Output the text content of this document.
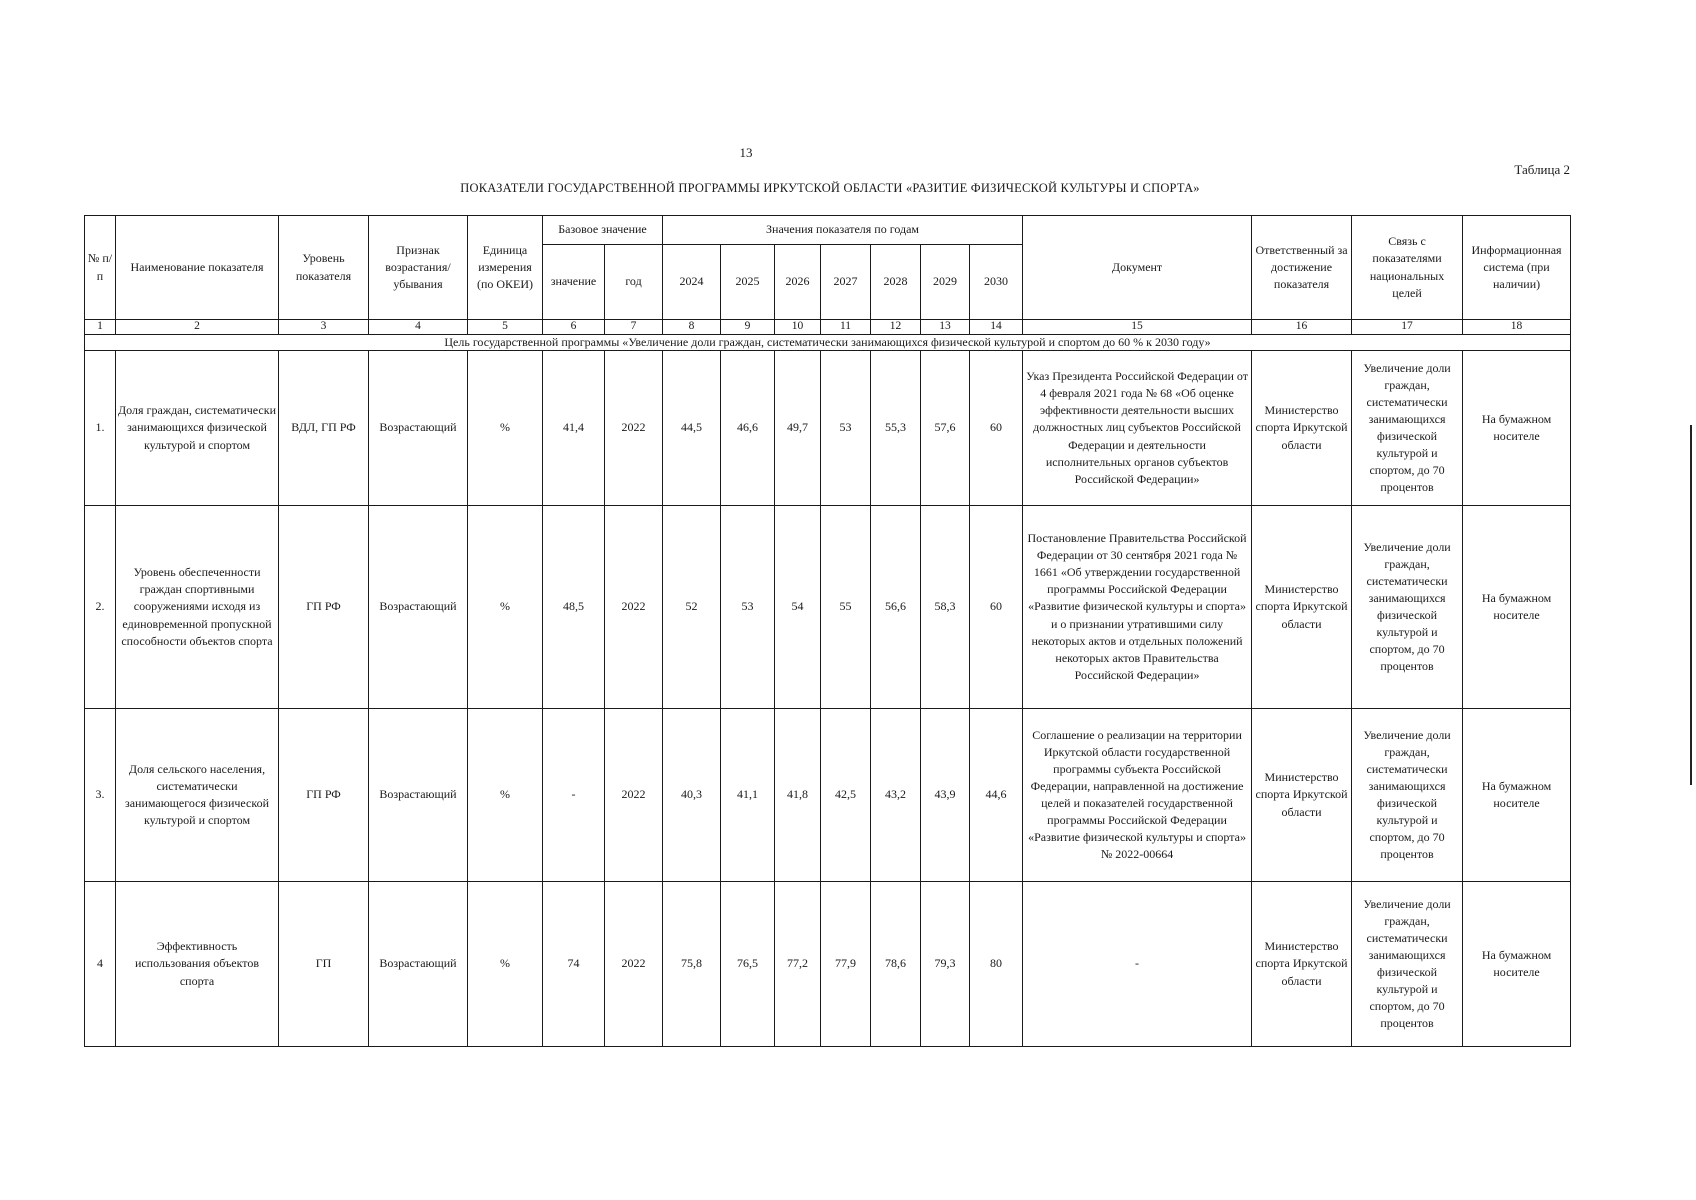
13
Таблица 2
ПОКАЗАТЕЛИ ГОСУДАРСТВЕННОЙ ПРОГРАММЫ ИРКУТСКОЙ ОБЛАСТИ «РАЗИТИЕ ФИЗИЧЕСКОЙ КУЛЬТУРЫ И СПОРТА»
№ п/п	Наименование показателя	Уровень показателя	Признак возрастания/ убывания	Единица измерения (по ОКЕИ)	Базовое значение		Значения показателя по годам							Документ	Ответственный за достижение показателя	Связь с показателями национальных целей	Информационная система (при наличии)
					значение	год	2024	2025	2026	2027	2028	2029	2030				
1	2	3	4	5	6	7	8	9	10	11	12	13	14	15	16	17	18
Цель государственной программы «Увеличение доли граждан, систематически занимающихся физической культурой и спортом до 60 % к 2030 году»																	
1.	Доля граждан, систематически занимающихся физической культурой и спортом	ВДЛ, ГП РФ	Возрастающий	%	41,4	2022	44,5	46,6	49,7	53	55,3	57,6	60	Указ Президента Российской Федерации от 4 февраля 2021 года № 68 «Об оценке эффективности деятельности высших должностных лиц субъектов Российской Федерации и деятельности исполнительных органов субъектов Российской Федерации»	Министерство спорта Иркутской области	Увеличение доли граждан, систематически занимающихся физической культурой и спортом, до 70 процентов	На бумажном носителе
2.	Уровень обеспеченности граждан спортивными сооружениями исходя из единовременной пропускной способности объектов спорта	ГП РФ	Возрастающий	%	48,5	2022	52	53	54	55	56,6	58,3	60	Постановление Правительства Российской Федерации от 30 сентября 2021 года № 1661 «Об утверждении государственной программы Российской Федерации «Развитие физической культуры и спорта» и о признании утратившими силу некоторых актов и отдельных положений некоторых актов Правительства Российской Федерации»	Министерство спорта Иркутской области	Увеличение доли граждан, систематически занимающихся физической культурой и спортом, до 70 процентов	На бумажном носителе
3.	Доля сельского населения, систематически занимающегося физической культурой и спортом	ГП РФ	Возрастающий	%	-	2022	40,3	41,1	41,8	42,5	43,2	43,9	44,6	Соглашение о реализации на территории Иркутской области государственной программы субъекта Российской Федерации, направленной на достижение целей и показателей государственной программы Российской Федерации «Развитие физической культуры и спорта» № 2022-00664	Министерство спорта Иркутской области	Увеличение доли граждан, систематически занимающихся физической культурой и спортом, до 70 процентов	На бумажном носителе
4	Эффективность использования объектов спорта	ГП	Возрастающий	%	74	2022	75,8	76,5	77,2	77,9	78,6	79,3	80	-	Министерство спорта Иркутской области	Увеличение доли граждан, систематически занимающихся физической культурой и спортом, до 70 процентов	На бумажном носителе
